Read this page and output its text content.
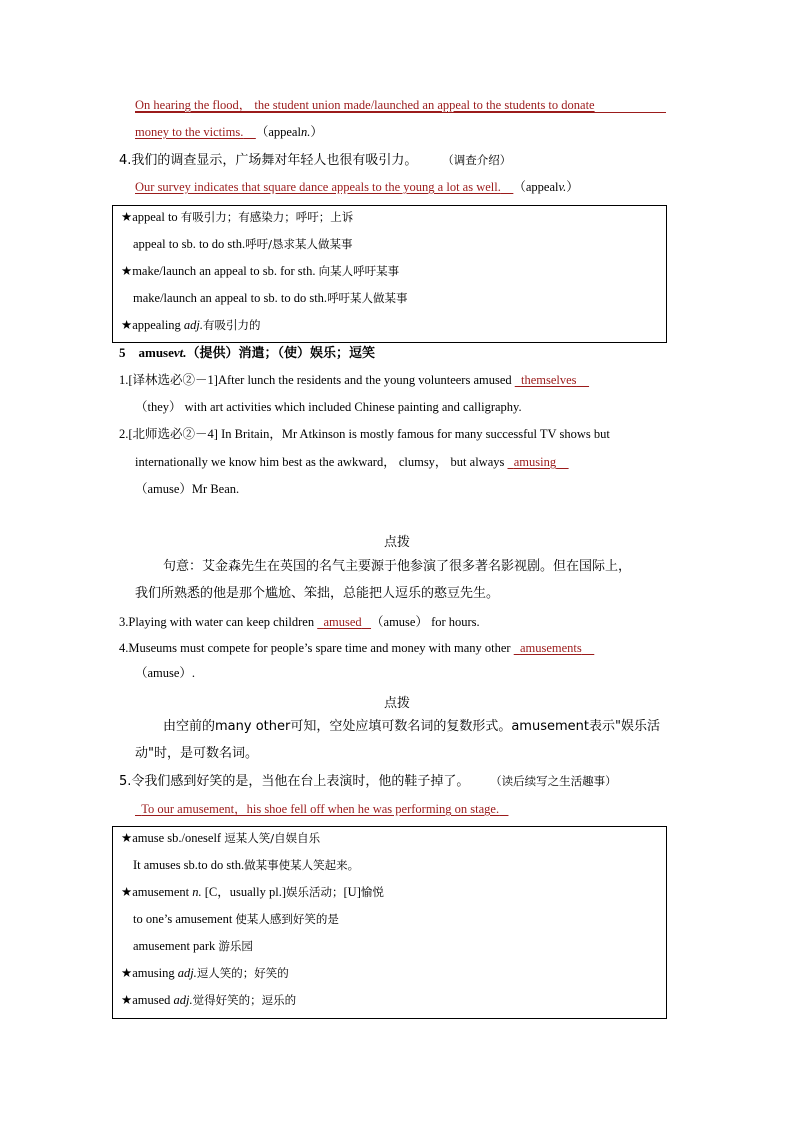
On hearing the flood， the student union made/launched an appeal to the students to donate
money to the victims. （appealn.）
4.我们的调查显示，广场舞对年轻人也很有吸引力。 （调查介绍）
Our survey indicates that square dance appeals to the young a lot as well. （appealv.）
★appeal to 有吸引力；有感染力；呼吁；上诉
appeal to sb. to do sth.呼吁/恳求某人做某事
★make/launch an appeal to sb. for sth. 向某人呼吁某事
make/launch an appeal to sb. to do sth.呼吁某人做某事
★appealing adj.有吸引力的
5 amusevt.（提供）消遣；（使）娱乐；逗笑
1.[译林选必②－1]After lunch the residents and the young volunteers amused   themselves
（they） with art activities which included Chinese painting and calligraphy.
2.[北师选必②－4] In Britain，Mr Atkinson is mostly famous for many successful TV shows but
internationally we know him best as the awkward， clumsy， but always   amusing
（amuse）Mr Bean.
点拨
句意：艾金森先生在英国的名气主要源于他参演了很多著名影视剧。但在国际上，
我们所熟悉的他是那个尴尬、笨拙，总能把人逗乐的憨豆先生。
3.Playing with water can keep children   amused （amuse） for hours.
4.Museums must compete for people’s spare time and money with many other   amusements
（amuse）.
点拨
由空前的many other可知，空处应填可数名词的复数形式。amusement表示"娱乐活
动"时，是可数名词。
5.令我们感到好笑的是，当他在台上表演时，他的鞋子掉了。 （读后续写之生活趣事）
To our amusement，his shoe fell off when he was performing on stage.
★amuse sb./oneself 逗某人笑/自娱自乐
It amuses sb.to do sth.做某事使某人笑起来。
★amusement n. [C，usually pl.]娱乐活动；[U]愉悦
to one’s amusement 使某人感到好笑的是
amusement park 游乐园
★amusing adj.逗人笑的；好笑的
★amused adj.觉得好笑的；逗乐的
